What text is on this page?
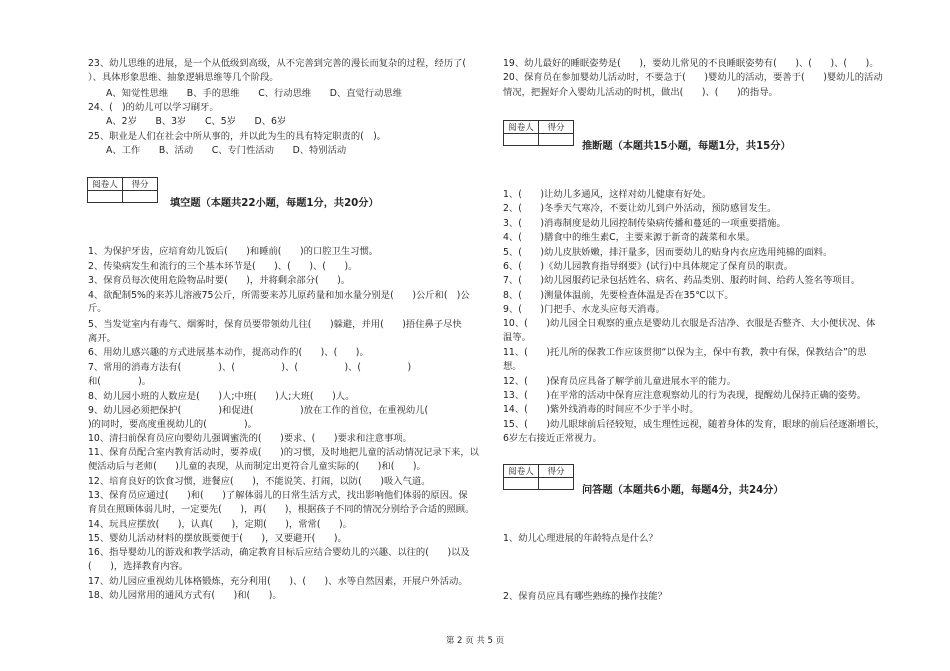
23、幼儿思维的进展，是一个从低级到高级，从不完善到完善的漫长而复杂的过程，经历了(
）、具体形象思维、抽象逻辑思维等几个阶段。
A、知觉性思维　　B、手的思维　　C、行动思维　　D、直觉行动思维
24、(　)的幼儿可以学习刷牙。
A、2岁　　B、3岁　　C、5岁　　D、6岁
25、职业是人们在社会中所从事的，并以此为生的具有特定职责的(　)。
A、工作　　B、活动　　C、专门性活动　　D、特别活动
阅卷人	得分

填空题（本题共22小题，每题1分，共20分）
1、为保护牙齿，应培育幼儿饭后(　　)和睡前(　　)的口腔卫生习惯。
2、传染病发生和流行的三个基本环节是(　　)、(　　)、(　　)。
3、保育员每次使用危险物品时要(　　)，并将剩余部分(　　)。
4、欲配制5%的来苏儿溶液75公斤，所需要来苏儿原药量和加水量分别是(　　)公斤和(　)公
斤。
5、当发觉室内有毒气、烟雾时，保育员要带领幼儿往(　　)躲避，并用(　　)捂住鼻子尽快
离开。
6、用幼儿感兴趣的方式进展基本动作，提高动作的(　　)、(　　)。
7、常用的消毒方法有(　　　　)、(　　　　　)、(　　　　　)、(　　　　　)
和(　　　　)。
8、幼儿园小班的人数应是(　　)人;中班(　　)人;大班(　　)人。
9、幼儿园必须把保护(　　　　)和促进(　　　　　)放在工作的首位，在重视幼儿(　　
)的同时，要高度重视幼儿的(　　　　)。
10、清扫前保育员应向婴幼儿强调蜜洗的(　　)要求、(　　)要求和注意事项。
11、保育员配合室内教育活动时，要养成(　　)的习惯，及时地把儿童的活动情况记录下来，以
便活动后与老师(　　)儿童的表现，从而制定出更符合儿童实际的(　　)和(　　)。
12、培育良好的饮食习惯，进餐应(　　)，不能说笑、打闹，以防(　　)吸入气道。
13、保育员应通过(　　)和(　　)了解体弱儿的日常生活方式，找出影响他们体弱的原因。保
育员在照顾体弱儿时，一定要先(　　)，再(　　)，根据孩子不同的情况分别给予合适的照顾。
14、玩具应摆放(　　)，认真(　　)，定期(　　)，常常(　　)。
15、婴幼儿活动材料的摆放既要便于(　　)，又要避开(　　)。
16、指导婴幼儿的游戏和教学活动，确定教育目标后应结合婴幼儿的兴趣、以往的(　　)以及
(　　)，选择教育内容。
17、幼儿园应重视幼儿体格锻炼，充分利用(　　)、(　　)、水等自然因素，开展户外活动。
18、幼儿园常用的通风方式有(　　)和(　　)。
19、幼儿最好的睡眠姿势是(　　)，要幼儿常见的不良睡眠姿势有(　　)、(　　)、(　　)。
20、保育员在参加婴幼儿活动时，不要急于(　　)婴幼儿的活动，要善于(　　)婴幼儿的活动
情况，把握好介入婴幼儿活动的时机，做出(　　)、(　　)的指导。
阅卷人	得分

推断题（本题共15小题，每题1分，共15分）
1、(　　)让幼儿多通风，这样对幼儿健康有好处。
2、(　　)冬季天气寒冷，不要让幼儿到户外活动，预防感冒发生。
3、(　　)消毒制度是幼儿园控制传染病传播和蔓延的一项重要措施。
4、(　　)膳食中的维生素C，主要来源于新奇的蔬菜和水果。
5、(　　)幼儿皮肤娇嫩，排汗量多，因而要幼儿的贴身内衣应选用纯棉的面料。
6、(　　)《幼儿园教育指导纲要》(试行)中具体规定了保育员的职责。
7、(　　)幼儿园服药记录包括姓名、病名、药品类别、服药时间、给药人签名等项目。
8、(　　)测量体温前，先要检查体温是否在35℃以下。
9、(　　)门把手、水龙头应每天消毒。
10、(　　)幼儿园全日观察的重点是婴幼儿衣服是否洁净、衣服是否整齐、大小便状况、体
温等。
11、(　　)托儿所的保教工作应该贯彻“以保为主，保中有教，教中有保，保教结合”的思
想。
12、(　　)保育员应具备了解学前儿童进展水平的能力。
13、(　　)在平常的活动中保育应注意观察幼儿的行为表现，提醒幼儿保持正确的姿势。
14、(　　)紫外线消毒的时间应不少于半小时。
15、(　　)幼儿眼球前后径较短，成生理性远视，随着身体的发育，眼球的前后径逐渐增长，
6岁左右接近正常视力。
阅卷人	得分

问答题（本题共6小题，每题4分，共24分）
1、幼儿心理进展的年龄特点是什么？
2、保育员应具有哪些熟练的操作技能？
第 2 页 共 5 页
